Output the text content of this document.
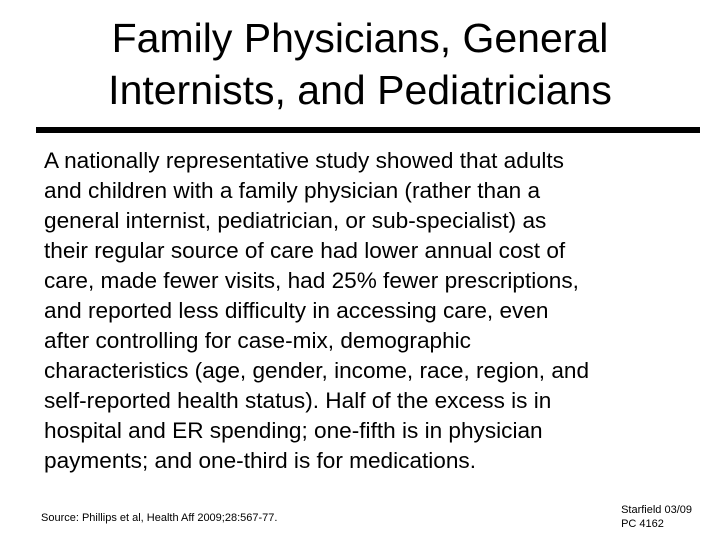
Family Physicians, General
Internists, and Pediatricians

A nationally representative study showed that adults
and children with a family physician (rather than a
general internist, pediatrician, or sub-specialist) as
their regular source of care had lower annual cost of
care, made fewer visits, had 25% fewer prescriptions,
and reported less difficulty in accessing care, even
after controlling for case-mix, demographic
characteristics (age, gender, income, race, region, and
self-reported health status). Half of the excess is in
hospital and ER spending; one-fifth is in physician
payments; and one-third is for medications.

Source: Phillips et al, Health Aff 2009;28:567-77.
Starfield 03/09
PC 4162
